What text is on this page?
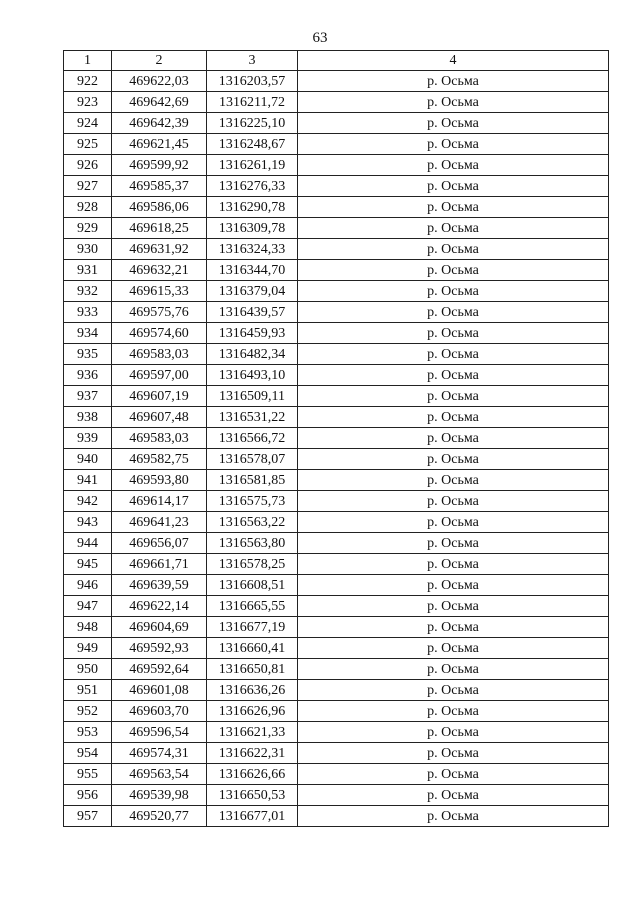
63
1	2	3	4
922	469622,03	1316203,57	р. Осьма
923	469642,69	1316211,72	р. Осьма
924	469642,39	1316225,10	р. Осьма
925	469621,45	1316248,67	р. Осьма
926	469599,92	1316261,19	р. Осьма
927	469585,37	1316276,33	р. Осьма
928	469586,06	1316290,78	р. Осьма
929	469618,25	1316309,78	р. Осьма
930	469631,92	1316324,33	р. Осьма
931	469632,21	1316344,70	р. Осьма
932	469615,33	1316379,04	р. Осьма
933	469575,76	1316439,57	р. Осьма
934	469574,60	1316459,93	р. Осьма
935	469583,03	1316482,34	р. Осьма
936	469597,00	1316493,10	р. Осьма
937	469607,19	1316509,11	р. Осьма
938	469607,48	1316531,22	р. Осьма
939	469583,03	1316566,72	р. Осьма
940	469582,75	1316578,07	р. Осьма
941	469593,80	1316581,85	р. Осьма
942	469614,17	1316575,73	р. Осьма
943	469641,23	1316563,22	р. Осьма
944	469656,07	1316563,80	р. Осьма
945	469661,71	1316578,25	р. Осьма
946	469639,59	1316608,51	р. Осьма
947	469622,14	1316665,55	р. Осьма
948	469604,69	1316677,19	р. Осьма
949	469592,93	1316660,41	р. Осьма
950	469592,64	1316650,81	р. Осьма
951	469601,08	1316636,26	р. Осьма
952	469603,70	1316626,96	р. Осьма
953	469596,54	1316621,33	р. Осьма
954	469574,31	1316622,31	р. Осьма
955	469563,54	1316626,66	р. Осьма
956	469539,98	1316650,53	р. Осьма
957	469520,77	1316677,01	р. Осьма
